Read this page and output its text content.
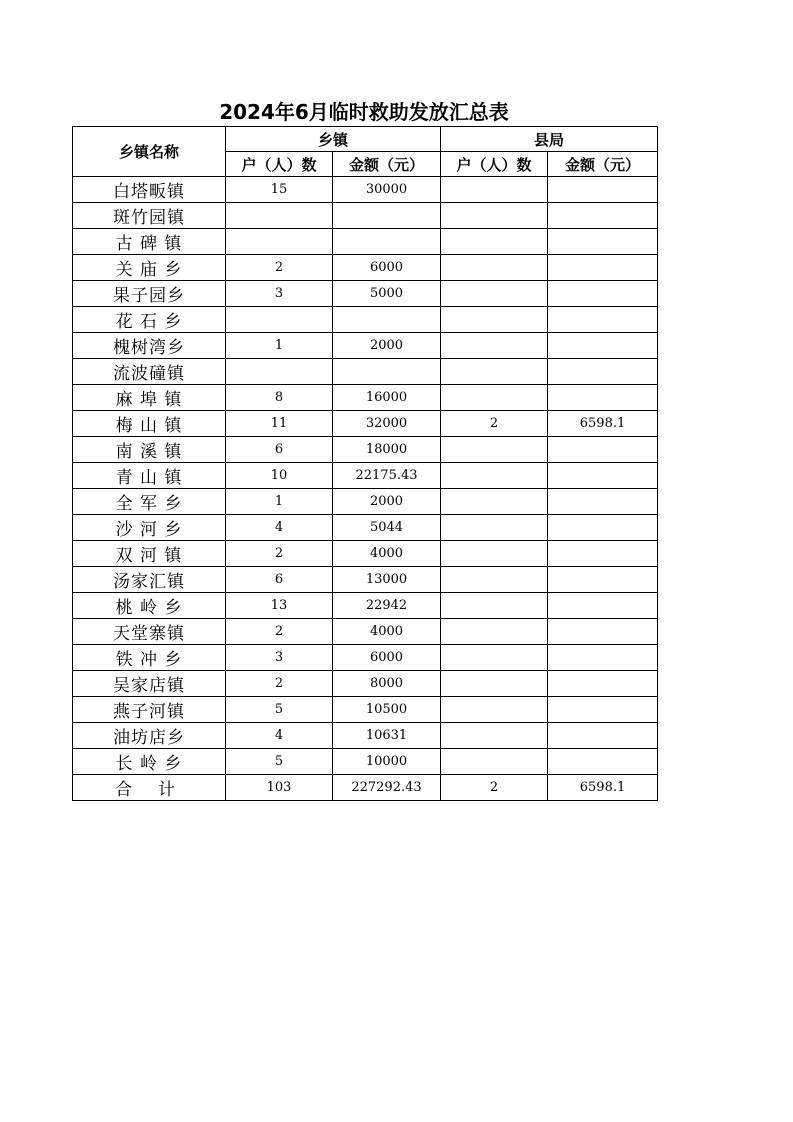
2024年6月临时救助发放汇总表
乡镇名称	乡镇		县局	
	户（人）数	金额（元）	户（人）数	金额（元）
白塔畈镇	15	30000		
斑竹园镇				
古 碑 镇				
关 庙 乡	2	6000		
果子园乡	3	5000		
花 石 乡				
槐树湾乡	1	2000		
流波䃥镇				
麻 埠 镇	8	16000		
梅 山 镇	11	32000	2	6598.1
南 溪 镇	6	18000		
青 山 镇	10	22175.43		
全 军 乡	1	2000		
沙 河 乡	4	5044		
双 河 镇	2	4000		
汤家汇镇	6	13000		
桃 岭 乡	13	22942		
天堂寨镇	2	4000		
铁 冲 乡	3	6000		
吴家店镇	2	8000		
燕子河镇	5	10500		
油坊店乡	4	10631		
长 岭 乡	5	10000		
合计	103	227292.43	2	6598.1
